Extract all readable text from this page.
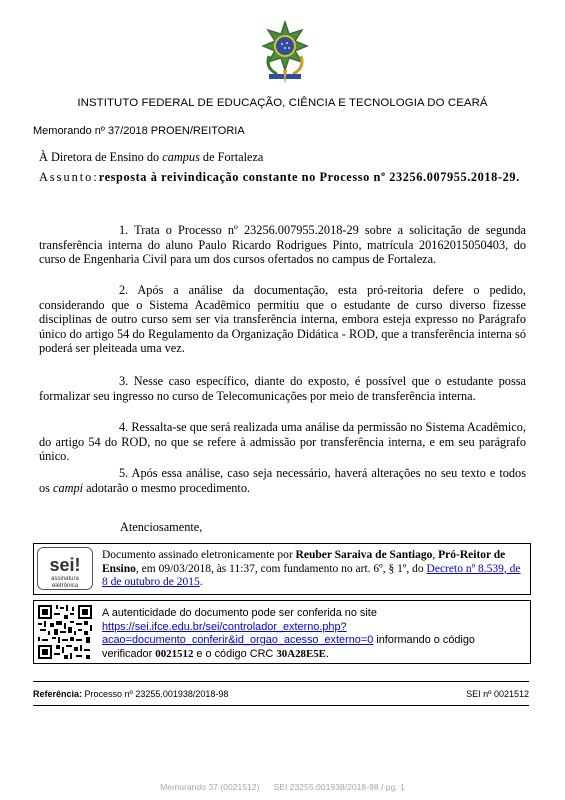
INSTITUTO FEDERAL DE EDUCAÇÃO, CIÊNCIA E TECNOLOGIA DO CEARÁ
Memorando nº 37/2018 PROEN/REITORIA
À Diretora de Ensino do campus de Fortaleza
Assunto:resposta à reivindicação constante no Processo nº 23256.007955.2018-29.

1. Trata o Processo nº 23256.007955.2018-29 sobre a solicitação de segunda transferência interna do aluno Paulo Ricardo Rodrigues Pinto, matrícula 20162015050403, do curso de Engenharia Civil para um dos cursos ofertados no campus de Fortaleza.

2. Após a análise da documentação, esta pró-reitoria defere o pedido, considerando que o Sistema Acadêmico permitiu que o estudante de curso diverso fizesse disciplinas de outro curso sem ser via transferência interna, embora esteja expresso no Parágrafo único do artigo 54 do Regulamento da Organização Didática - ROD, que a transferência interna só poderá ser pleiteada uma vez.

3. Nesse caso específico, diante do exposto, é possível que o estudante possa formalizar seu ingresso no curso de Telecomunicações por meio de transferência interna.

4. Ressalta-se que será realizada uma análise da permissão no Sistema Acadêmico, do artigo 54 do ROD, no que se refere à admissão por transferência interna, e em seu parágrafo único.

5. Após essa análise, caso seja necessário, haverá alterações no seu texto e todos os campi adotarão o mesmo procedimento.

Atenciosamente,
sei!
assinatura
eletrônica
Documento assinado eletronicamente por Reuber Saraiva de Santiago, Pró-Reitor de Ensino, em 09/03/2018, às 11:37, com fundamento no art. 6º, § 1º, do Decreto nº 8.539, de 8 de outubro de 2015.
A autenticidade do documento pode ser conferida no site https://sei.ifce.edu.br/sei/controlador_externo.php?acao=documento_conferir&id_orgao_acesso_externo=0 informando o código verificador 0021512 e o código CRC 30A28E5E.
Referência: Processo nº 23255.001938/2018-98	SEI nº 0021512
Memorando 37 (0021512) SEI 23255.001938/2018-98 / pg. 1
